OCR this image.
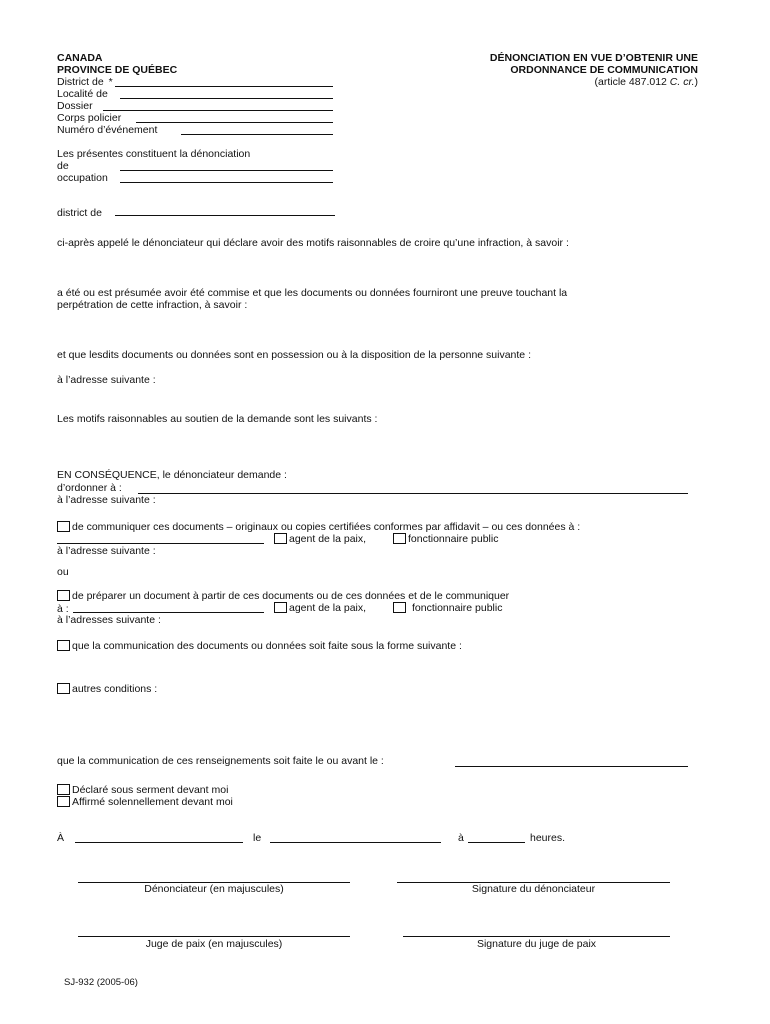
CANADA
PROVINCE DE QUÉBEC
DÉNONCIATION EN VUE D’OBTENIR UNE
ORDONNANCE DE COMMUNICATION
(article 487.012 C. cr.)
District de *
Localité de
Dossier
Corps policier
Numéro d’événement
Les présentes constituent la dénonciation
de
occupation
district de
ci-après appelé le dénonciateur qui déclare avoir des motifs raisonnables de croire qu’une infraction, à savoir :
a été ou est présumée avoir été commise et que les documents ou données fourniront une preuve touchant la
perpétration de cette infraction, à savoir :
et que lesdits documents ou données sont en possession ou à la disposition de la personne suivante :
à l’adresse suivante :
Les motifs raisonnables au soutien de la demande sont les suivants :
EN CONSÉQUENCE, le dénonciateur demande :
d’ordonner à :
à l’adresse suivante :
de communiquer ces documents – originaux ou copies certifiées conformes par affidavit – ou ces données à :
agent de la paix,	fonctionnaire public
à l’adresse suivante :
ou
de préparer un document à partir de ces documents ou de ces données et de le communiquer
à :	agent de la paix,	fonctionnaire public
à l’adresses suivante :
que la communication des documents ou données soit faite sous la forme suivante :
autres conditions :
que la communication de ces renseignements soit faite le ou avant le :
Déclaré sous serment devant moi
Affirmé solennellement devant moi
À	le	à	heures.
Dénonciateur (en majuscules)	Signature du dénonciateur
Juge de paix (en majuscules)	Signature du juge de paix
SJ-932 (2005-06)
